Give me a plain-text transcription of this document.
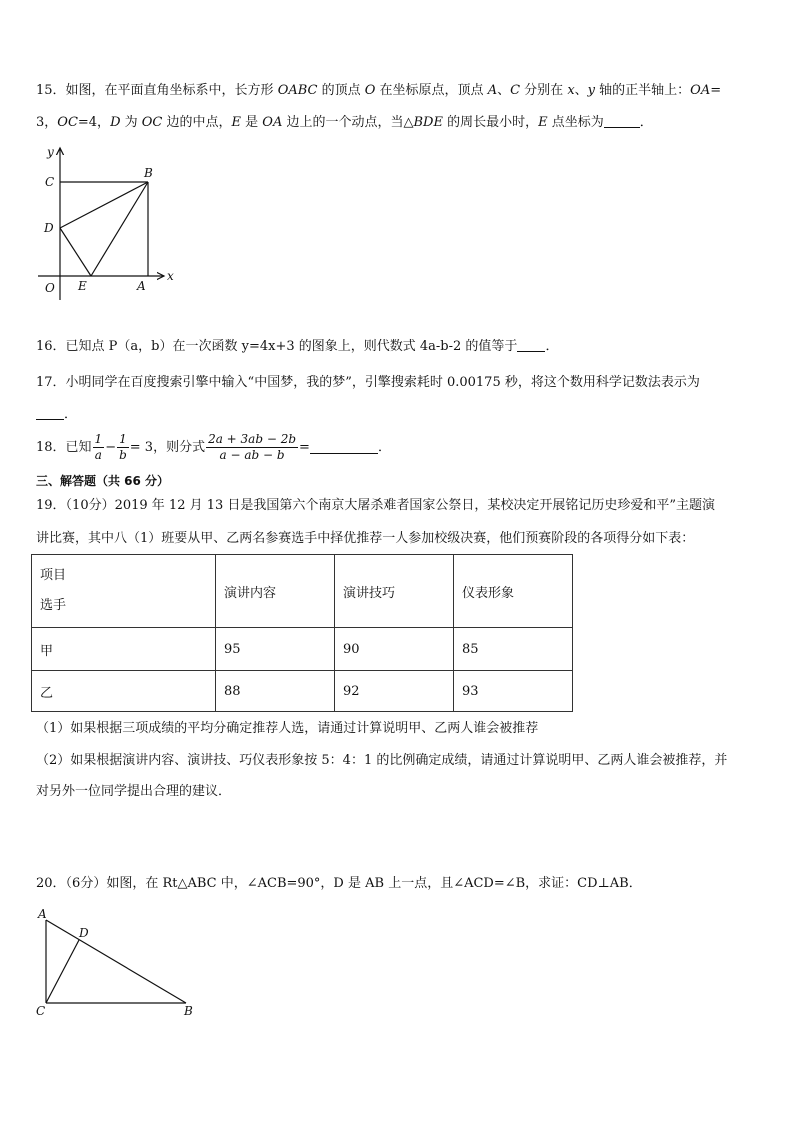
15．如图，在平面直角坐标系中，长方形 OABC 的顶点 O 在坐标原点，顶点 A、C 分别在 x、y 轴的正半轴上：OA=
3，OC=4，D 为 OC 边的中点，E 是 OA 边上的一个动点，当△BDE 的周长最小时，E 点坐标为	．
y
x
C
B
D
O E	A
16．已知点 P（a，b）在一次函数 y=4x+3 的图象上，则代数式 4a-b-2 的值等于 ．
17．小明同学在百度搜索引擎中输入“中国梦，我的梦”，引擎搜索耗时 0.00175 秒，将这个数用科学记数法表示为
．
18．已知 $\frac{1}{a} - \frac{1}{b} = 3$，则分式 $\frac{2a + 3ab - 2b}{a - ab - b}$ =	．
三、解答题（共 66 分）
19．（10分）2019 年 12 月 13 日是我国第六个南京大屠杀难者国家公祭日，某校决定开展铭记历史珍爱和平”主题演
讲比赛，其中八（1）班要从甲、乙两名参赛选手中择优推荐一人参加校级决赛，他们预赛阶段的各项得分如下表：
项目
选手	演讲内容	演讲技巧	仪表形象
甲	95	90	85
乙	88	92	93
（1）如果根据三项成绩的平均分确定推荐人选，请通过计算说明甲、乙两人谁会被推荐
（2）如果根据演讲内容、演讲技、巧仪表形象按 5：4：1 的比例确定成绩，请通过计算说明甲、乙两人谁会被推荐，并
对另外一位同学提出合理的建议．
20．（6分）如图，在 Rt△ABC 中，∠ACB=90°，D 是 AB 上一点，且∠ACD=∠B，求证：CD⊥AB．
A
D
C	B
